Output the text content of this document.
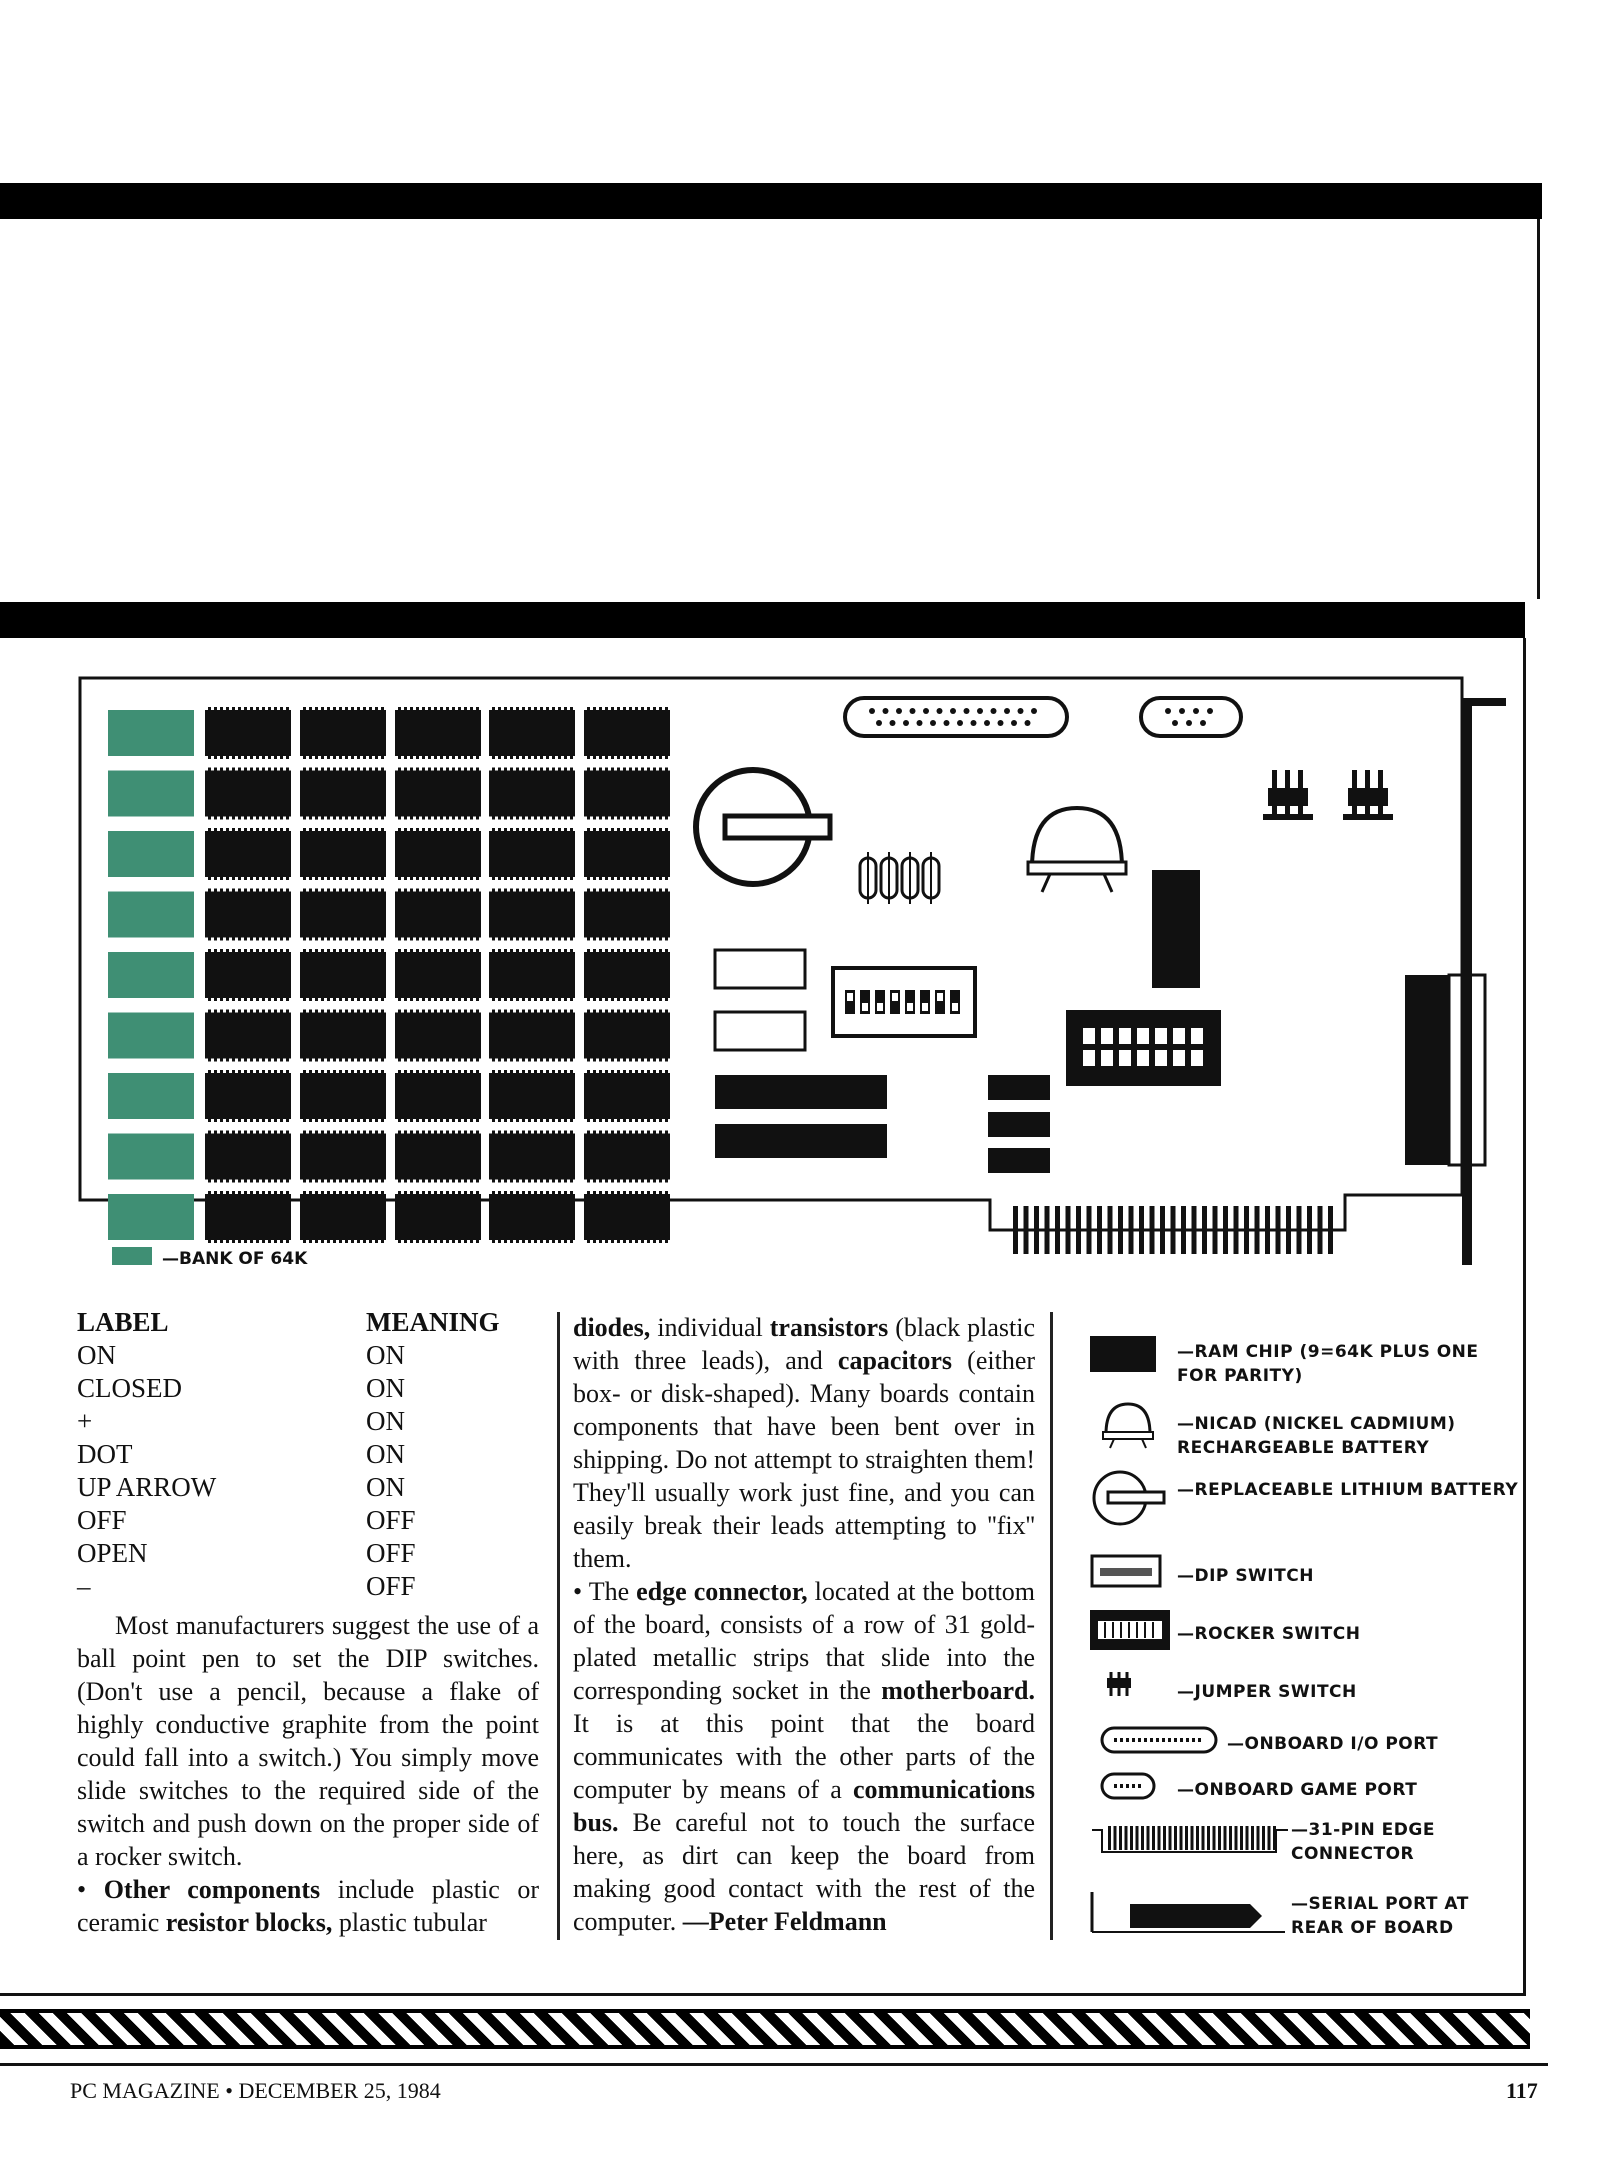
—BANK OF 64K
LABEL	MEANING
ON	ON
CLOSED	ON
+	ON
DOT	ON
UP ARROW	ON
OFF	OFF
OPEN	OFF
–	OFF

Most manufacturers suggest the use of a ball point pen to set the DIP switches. (Don't use a pencil, because a flake of highly conductive graphite from the point could fall into a switch.) You simply move slide switches to the required side of the switch and push down on the proper side of a rocker switch.

• Other components include plastic or ceramic resistor blocks, plastic tubular

diodes, individual transistors (black plastic with three leads), and capacitors (either box- or disk-shaped). Many boards contain components that have been bent over in shipping. Do not attempt to straighten them! They'll usually work just fine, and you can easily break their leads attempting to ''fix'' them.

• The edge connector, located at the bottom of the board, consists of a row of 31 gold-plated metallic strips that slide into the corresponding socket in the motherboard. It is at this point that the board communicates with the other parts of the computer by means of a communications bus. Be careful not to touch the surface here, as dirt can keep the board from making good contact with the rest of the computer. —Peter Feldmann

—RAM CHIP (9=64K PLUS ONE FOR PARITY)
—NICAD (NICKEL CADMIUM) RECHARGEABLE BATTERY
—REPLACEABLE LITHIUM BATTERY
—DIP SWITCH
—ROCKER SWITCH
—JUMPER SWITCH
—ONBOARD I/O PORT
—ONBOARD GAME PORT
—31-PIN EDGE CONNECTOR
—SERIAL PORT AT REAR OF BOARD
PC MAGAZINE • DECEMBER 25, 1984	117
